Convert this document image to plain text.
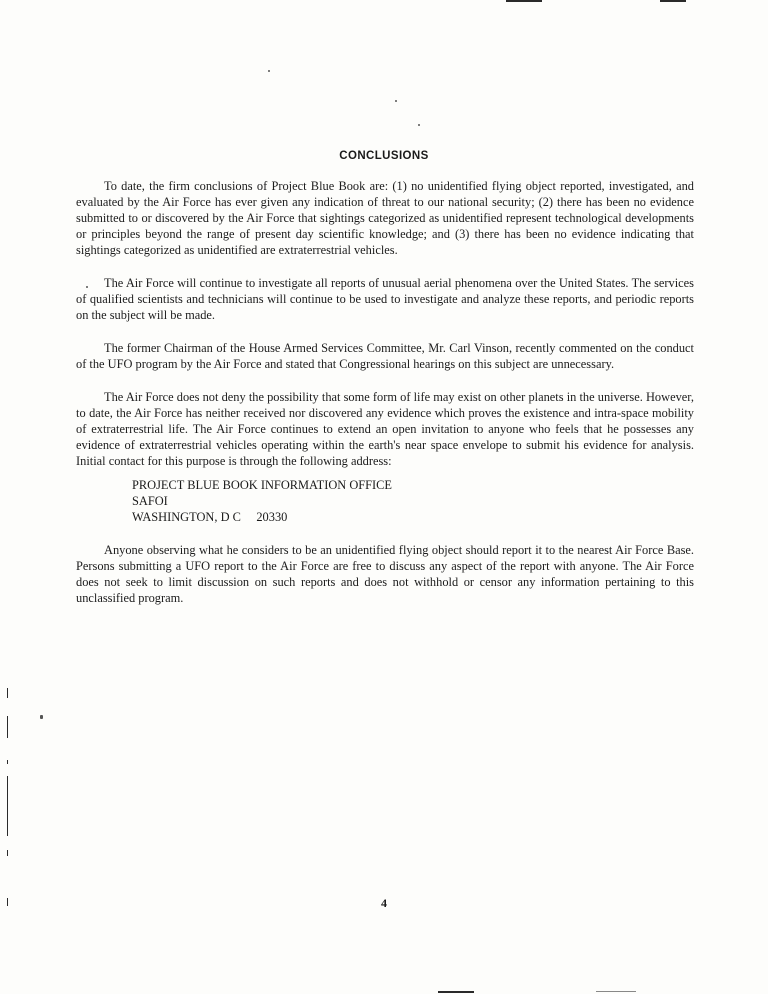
CONCLUSIONS

To date, the firm conclusions of Project Blue Book are: (1) no unidentified flying object reported, investigated, and evaluated by the Air Force has ever given any indication of threat to our national security; (2) there has been no evidence submitted to or discovered by the Air Force that sightings categorized as unidentified represent technological developments or principles beyond the range of present day scientific knowledge; and (3) there has been no evidence indicating that sightings categorized as unidentified are extraterrestrial vehicles.

The Air Force will continue to investigate all reports of unusual aerial phenomena over the United States. The services of qualified scientists and technicians will continue to be used to investigate and analyze these reports, and periodic reports on the subject will be made.

The former Chairman of the House Armed Services Committee, Mr. Carl Vinson, recently commented on the conduct of the UFO program by the Air Force and stated that Congressional hearings on this subject are unnecessary.

The Air Force does not deny the possibility that some form of life may exist on other planets in the universe. However, to date, the Air Force has neither received nor discovered any evidence which proves the existence and intra-space mobility of extraterrestrial life. The Air Force continues to extend an open invitation to anyone who feels that he possesses any evidence of extraterrestrial vehicles operating within the earth's near space envelope to submit his evidence for analysis. Initial contact for this purpose is through the following address:

PROJECT BLUE BOOK INFORMATION OFFICE
SAFOI
WASHINGTON, D C     20330

Anyone observing what he considers to be an unidentified flying object should report it to the nearest Air Force Base. Persons submitting a UFO report to the Air Force are free to discuss any aspect of the report with anyone. The Air Force does not seek to limit discussion on such reports and does not withhold or censor any information pertaining to this unclassified program.

4
